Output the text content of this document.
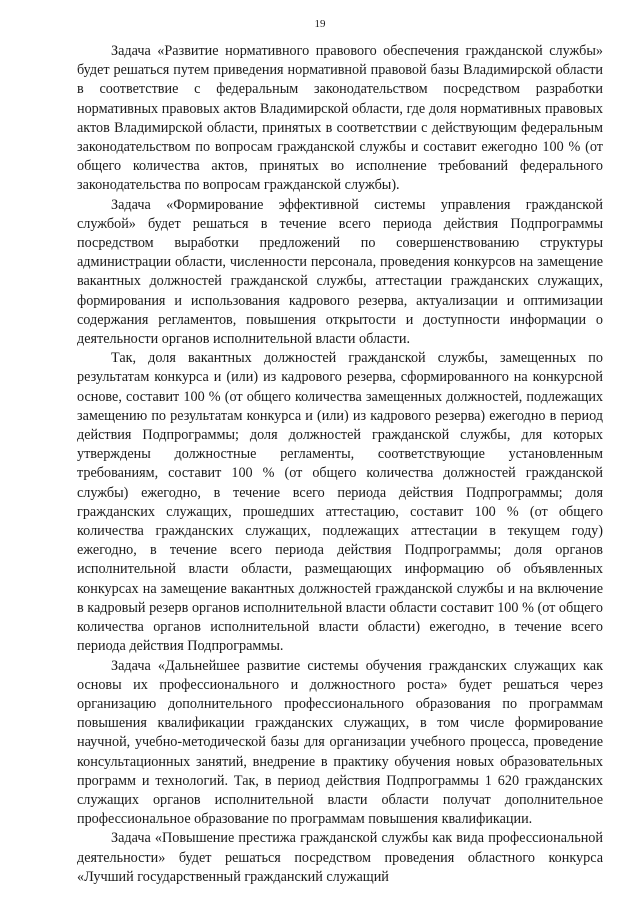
19

Задача «Развитие нормативного правового обеспечения гражданской службы» будет решаться путем приведения нормативной правовой базы Владимирской области в соответствие с федеральным законодательством посредством разработки нормативных правовых актов Владимирской области, где доля нормативных правовых актов Владимирской области, принятых в соответствии с действующим федеральным законодательством по вопросам гражданской службы и составит ежегодно 100 % (от общего количества актов, принятых во исполнение требований федерального законодательства по вопросам гражданской службы).

Задача «Формирование эффективной системы управления гражданской службой» будет решаться в течение всего периода действия Подпрограммы посредством выработки предложений по совершенствованию структуры администрации области, численности персонала, проведения конкурсов на замещение вакантных должностей гражданской службы, аттестации гражданских служащих, формирования и использования кадрового резерва, актуализации и оптимизации содержания регламентов, повышения открытости и доступности информации о деятельности органов исполнительной власти области.

Так, доля вакантных должностей гражданской службы, замещенных по результатам конкурса и (или) из кадрового резерва, сформированного на конкурсной основе, составит 100 % (от общего количества замещенных должностей, подлежащих замещению по результатам конкурса и (или) из кадрового резерва) ежегодно в период действия Подпрограммы; доля должностей гражданской службы, для которых утверждены должностные регламенты, соответствующие установленным требованиям, составит 100 % (от общего количества должностей гражданской службы) ежегодно, в течение всего периода действия Подпрограммы; доля гражданских служащих, прошедших аттестацию, составит 100 % (от общего количества гражданских служащих, подлежащих аттестации в текущем году) ежегодно, в течение всего периода действия Подпрограммы; доля органов исполнительной власти области, размещающих информацию об объявленных конкурсах на замещение вакантных должностей гражданской службы и на включение в кадровый резерв органов исполнительной власти области составит 100 % (от общего количества органов исполнительной власти области) ежегодно, в течение всего периода действия Подпрограммы.

Задача «Дальнейшее развитие системы обучения гражданских служащих как основы их профессионального и должностного роста» будет решаться через организацию дополнительного профессионального образования по программам повышения квалификации гражданских служащих, в том числе формирование научной, учебно-методической базы для организации учебного процесса, проведение консультационных занятий, внедрение в практику обучения новых образовательных программ и технологий. Так, в период действия Подпрограммы 1 620 гражданских служащих органов исполнительной власти области получат дополнительное профессиональное образование по программам повышения квалификации.

Задача «Повышение престижа гражданской службы как вида профессиональной деятельности» будет решаться посредством проведения областного конкурса «Лучший государственный гражданский служащий
